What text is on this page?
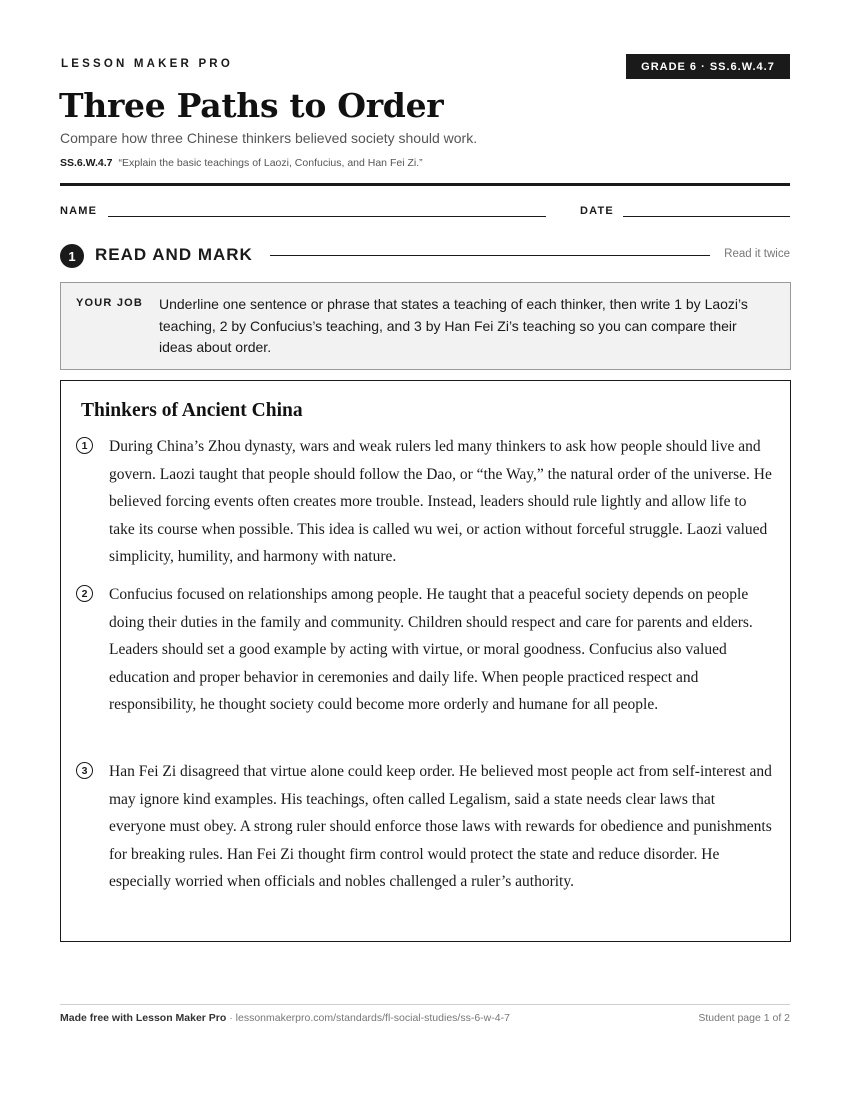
LESSON MAKER PRO	GRADE 6 · SS.6.W.4.7
Three Paths to Order
Compare how three Chinese thinkers believed society should work.
SS.6.W.4.7 “Explain the basic teachings of Laozi, Confucius, and Han Fei Zi.”
NAME	DATE
1	READ AND MARK	Read it twice
YOUR JOB Underline one sentence or phrase that states a teaching of each thinker, then write 1 by Laozi’s teaching, 2 by Confucius’s teaching, and 3 by Han Fei Zi’s teaching so you can compare their ideas about order.
Thinkers of Ancient China
1	During China’s Zhou dynasty, wars and weak rulers led many thinkers to ask how people should live and govern. Laozi taught that people should follow the Dao, or “the Way,” the natural order of the universe. He believed forcing events often creates more trouble. Instead, leaders should rule lightly and allow life to take its course when possible. This idea is called wu wei, or action without forceful struggle. Laozi valued simplicity, humility, and harmony with nature.
2	Confucius focused on relationships among people. He taught that a peaceful society depends on people doing their duties in the family and community. Children should respect and care for parents and elders. Leaders should set a good example by acting with virtue, or moral goodness. Confucius also valued education and proper behavior in ceremonies and daily life. When people practiced respect and responsibility, he thought society could become more orderly and humane for all people.
3	Han Fei Zi disagreed that virtue alone could keep order. He believed most people act from self-interest and may ignore kind examples. His teachings, often called Legalism, said a state needs clear laws that everyone must obey. A strong ruler should enforce those laws with rewards for obedience and punishments for breaking rules. Han Fei Zi thought firm control would protect the state and reduce disorder. He especially worried when officials and nobles challenged a ruler’s authority.
Made free with Lesson Maker Pro · lessonmakerpro.com/standards/fl-social-studies/ss-6-w-4-7	Student page 1 of 2
